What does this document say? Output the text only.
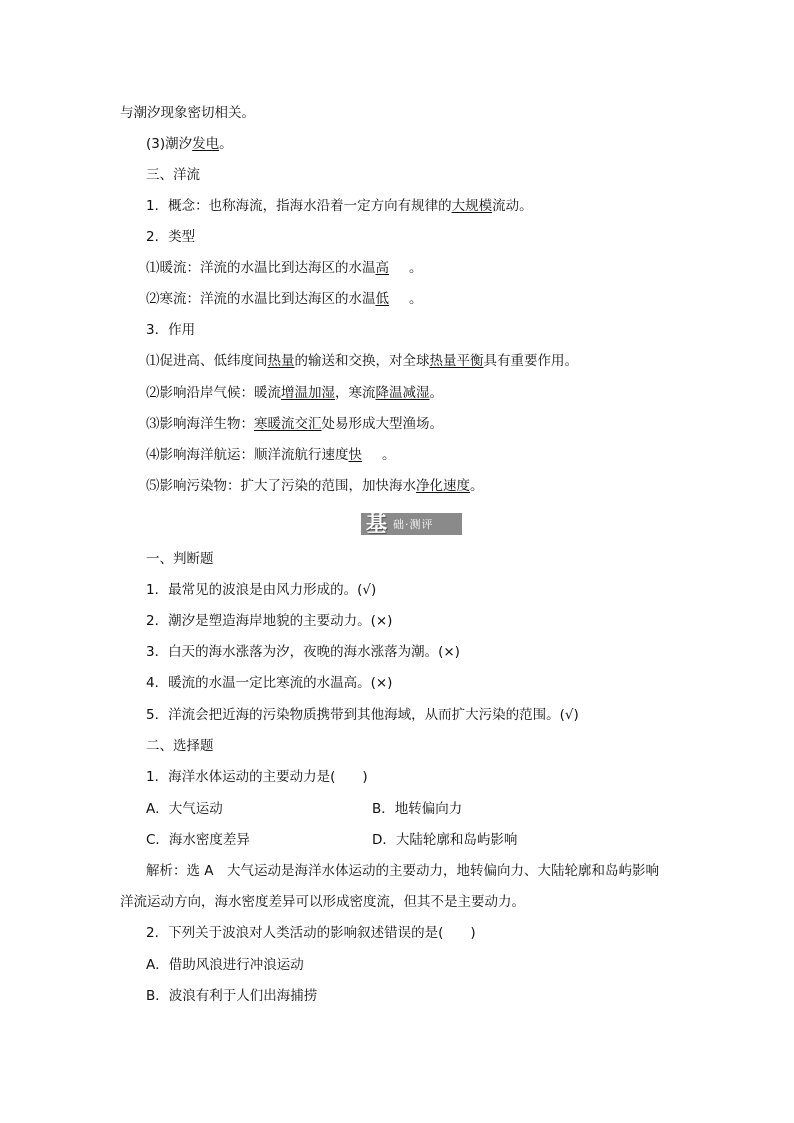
与潮汐现象密切相关。
(3)潮汐发电。
三、洋流
1．概念：也称海流，指海水沿着一定方向有规律的大规模流动。
2．类型
⑴暖流：洋流的水温比到达海区的水温高 。
⑵寒流：洋流的水温比到达海区的水温低 。
3．作用
⑴促进高、低纬度间热量的输送和交换，对全球热量平衡具有重要作用。
⑵影响沿岸气候：暖流增温加湿，寒流降温减湿。
⑶影响海洋生物：寒暖流交汇处易形成大型渔场。
⑷影响海洋航运：顺洋流航行速度快 。
⑸影响污染物：扩大了污染的范围，加快海水净化速度。
基 础·测评
一、判断题
1．最常见的波浪是由风力形成的。(√)
2．潮汐是塑造海岸地貌的主要动力。(×)
3．白天的海水涨落为汐，夜晚的海水涨落为潮。(×)
4．暖流的水温一定比寒流的水温高。(×)
5．洋流会把近海的污染物质携带到其他海域，从而扩大污染的范围。(√)
二、选择题
1．海洋水体运动的主要动力是(　　)
A．大气运动	B．地转偏向力
C．海水密度差异	D．大陆轮廓和岛屿影响
解析：选 A　大气运动是海洋水体运动的主要动力，地转偏向力、大陆轮廓和岛屿影响
洋流运动方向，海水密度差异可以形成密度流，但其不是主要动力。
2．下列关于波浪对人类活动的影响叙述错误的是(　　)
A．借助风浪进行冲浪运动
B．波浪有利于人们出海捕捞
